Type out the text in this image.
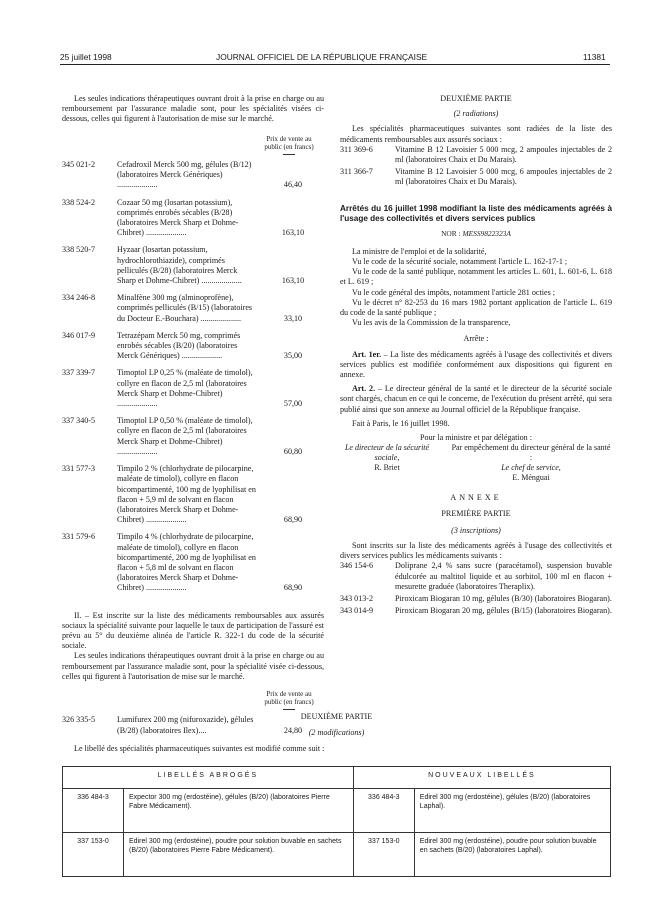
25 juillet 1998	JOURNAL OFFICIEL DE LA RÉPUBLIQUE FRANÇAISE	11381

Les seules indications thérapeutiques ouvrant droit à la prise en charge ou au remboursement par l'assurance maladie sont, pour les spécialités visées ci-dessous, celles qui figurent à l'autorisation de mise sur le marché.

Prix de vente au public (en francs)
345 021-2	Cefadroxil Merck 500 mg, gélules (B/12) (laboratoires Merck Génériques) ....................	46,40
338 524-2	Cozaar 50 mg (losartan potassium), comprimés enrobés sécables (B/28) (laboratoires Merck Sharp et Dohme-Chibret) ....................	163,10
338 520-7	Hyzaar (losartan potassium, hydrochlorothiazide), comprimés pelliculés (B/28) (laboratoires Merck Sharp et Dohme-Chibret) ....................	163,10
334 246-8	Minalfène 300 mg (alminoprofène), comprimés pelliculés (B/15) (laboratoires du Docteur E.-Bouchara) ....................	33,10
346 017-9	Tetrazépam Merck 50 mg, comprimés enrobés sécables (B/20) (laboratoires Merck Génériques) ....................	35,00
337 339-7	Timoptol LP 0,25 % (maléate de timolol), collyre en flacon de 2,5 ml (laboratoires Merck Sharp et Dohme-Chibret) ....................	57,00
337 340-5	Timoptol LP 0,50 % (maléate de timolol), collyre en flacon de 2,5 ml (laboratoires Merck Sharp et Dohme-Chibret) ....................	60,80
331 577-3	Timpilo 2 % (chlorhydrate de pilocarpine, maléate de timolol), collyre en flacon bicompartimenté, 100 mg de lyophilisat en flacon + 5,9 ml de solvant en flacon (laboratoires Merck Sharp et Dohme-Chibret) ....................	68,90
331 579-6	Timpilo 4 % (chlorhydrate de pilocarpine, maléate de timolol), collyre en flacon bicompartimenté, 200 mg de lyophilisat en flacon + 5,8 ml de solvant en flacon (laboratoires Merck Sharp et Dohme-Chibret) ....................	68,90

II. – Est inscrite sur la liste des médicaments remboursables aux assurés sociaux la spécialité suivante pour laquelle le taux de participation de l'assuré est prévu au 5° du deuxième alinéa de l'article R. 322-1 du code de la sécurité sociale.

Les seules indications thérapeutiques ouvrant droit à la prise en charge ou au remboursement par l'assurance maladie sont, pour la spécialité visée ci-dessous, celles qui figurent à l'autorisation de mise sur le marché.

Prix de vente au public (en francs)
326 335-5	Lumifurex 200 mg (nifuroxazide), gélules (B/28) (laboratoires Ilex)....	24,80

DEUXIÈME PARTIE

(2 radiations)

Les spécialités pharmaceutiques suivantes sont radiées de la liste des médicaments remboursables aux assurés sociaux :

311 369-6	Vitamine B 12 Lavoisier 5 000 mcg, 2 ampoules injectables de 2 ml (laboratoires Chaix et Du Marais).
311 366-7	Vitamine B 12 Lavoisier 5 000 mcg, 6 ampoules injectables de 2 ml (laboratoires Chaix et Du Marais).

Arrêtés du 16 juillet 1998 modifiant la liste des médicaments agréés à l'usage des collectivités et divers services publics

NOR : MESS9822323A

La ministre de l'emploi et de la solidarité,

Vu le code de la sécurité sociale, notamment l'article L. 162-17-1 ;

Vu le code de la santé publique, notamment les articles L. 601, L. 601-6, L. 618 et L. 619 ;

Vu le code général des impôts, notamment l'article 281 octies ;

Vu le décret n° 82-253 du 16 mars 1982 portant application de l'article L. 619 du code de la santé publique ;

Vu les avis de la Commission de la transparence,

Arrête :

Art. 1er. – La liste des médicaments agréés à l'usage des collectivités et divers services publics est modifiée conformément aux dispositions qui figurent en annexe.

Art. 2. – Le directeur général de la santé et le directeur de la sécurité sociale sont chargés, chacun en ce qui le concerne, de l'exécution du présent arrêté, qui sera publié ainsi que son annexe au Journal officiel de la République française.

Fait à Paris, le 16 juillet 1998.

Pour la ministre et par délégation :

Le directeur de la sécurité sociale,
R. Briet
Par empêchement du directeur général de la santé :
Le chef de service,
E. Ménguai

ANNEXE

PREMIÈRE PARTIE

(3 inscriptions)

Sont inscrits sur la liste des médicaments agréés à l'usage des collectivités et divers services publics les médicaments suivants :

346 154-6	Doliprane 2,4 % sans sucre (paracétamol), suspension buvable édulcorée au maltitol liquide et au sorbitol, 100 ml en flacon + mesurette graduée (laboratoires Theraplix).
343 013-2	Piroxicam Biogaran 10 mg, gélules (B/30) (laboratoires Biogaran).
343 014-9	Piroxicam Biogaran 20 mg, gélules (B/15) (laboratoires Biogaran).
DEUXIÈME PARTIE
(2 modifications)
Le libellé des spécialités pharmaceutiques suivantes est modifié comme suit :
LIBELLÉS ABROGÉS		NOUVEAUX LIBELLÉS	
336 484-3	Expector 300 mg (erdostéine), gélules (B/20) (laboratoires Pierre Fabre Médicament).	336 484-3	Edirel 300 mg (erdostéine), gélules (B/20) (laboratoires Laphal).
337 153-0	Edirel 300 mg (erdostéine), poudre pour solution buvable en sachets (B/20) (laboratoires Pierre Fabre Médicament).	337 153-0	Edirel 300 mg (erdostéine), poudre pour solution buvable en sachets (B/20) (laboratoires Laphal).
